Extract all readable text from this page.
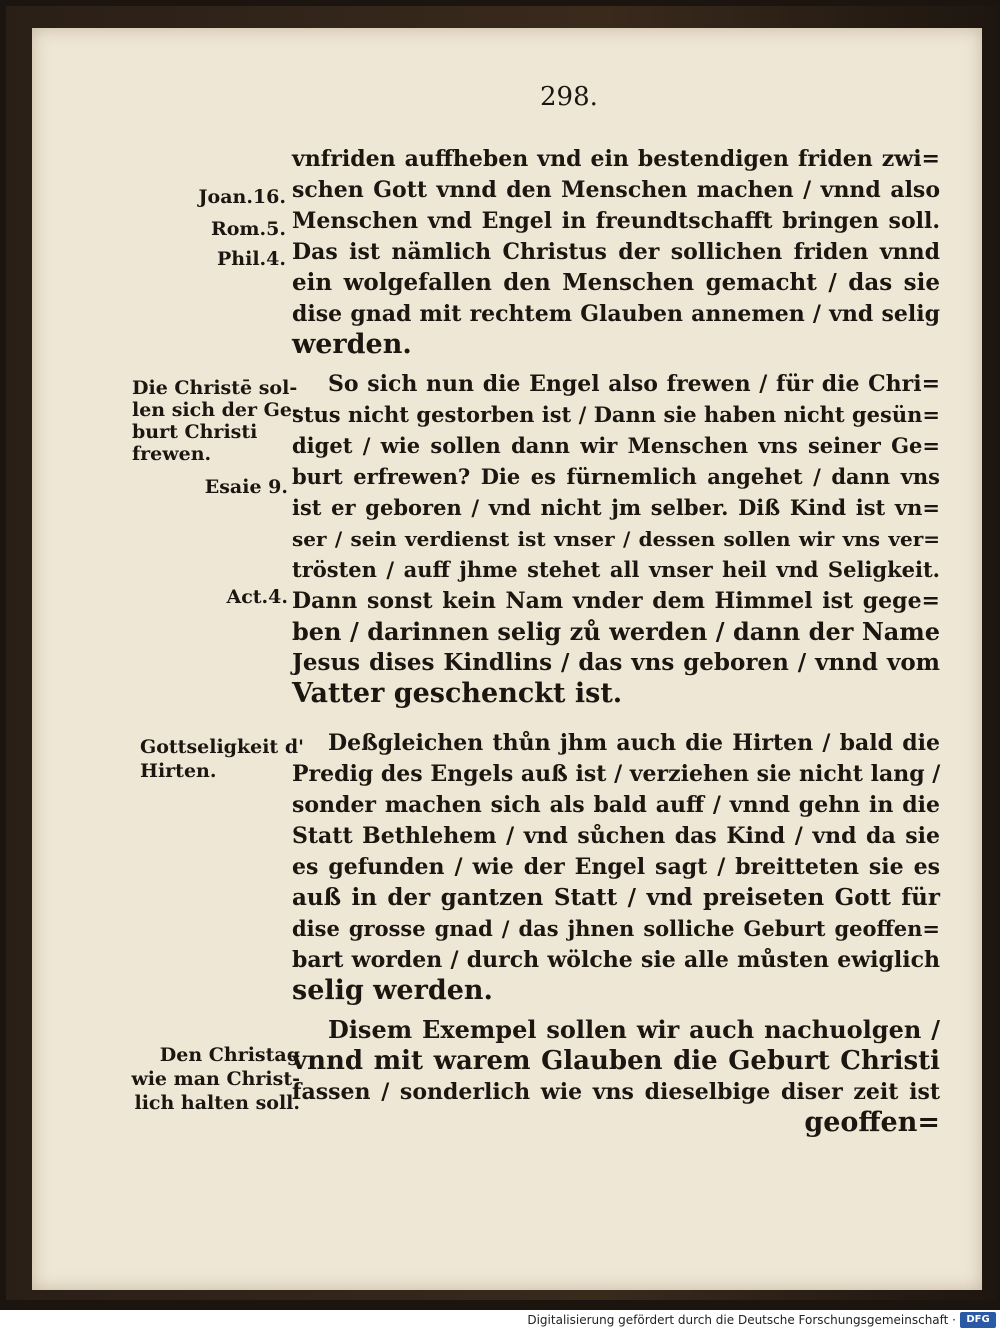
298.
Joan.16.
Rom.5.
Phil.4.
Die Christē sol-
len sich der Ge-
burt Christi
frewen.
Esaie 9.
Act.4.
Gottseligkeit d'
Hirten.
Den Christag
wie man Christ-
lich halten soll.
vnfriden auffheben vnd ein bestendigen friden zwi=
schen Gott vnnd den Menschen machen / vnnd also
Menschen vnd Engel in freundtschafft bringen soll.
Das ist nämlich Christus der sollichen friden vnnd
ein wolgefallen den Menschen gemacht / das sie
dise gnad mit rechtem Glauben annemen / vnd selig
werden.
So sich nun die Engel also frewen / für die Chri=
stus nicht gestorben ist / Dann sie haben nicht gesün=
diget / wie sollen dann wir Menschen vns seiner Ge=
burt erfrewen? Die es fürnemlich angehet / dann vns
ist er geboren / vnd nicht jm selber. Diß Kind ist vn=
ser / sein verdienst ist vnser / dessen sollen wir vns ver=
trösten / auff jhme stehet all vnser heil vnd Seligkeit.
Dann sonst kein Nam vnder dem Himmel ist gege=
ben / darinnen selig zů werden / dann der Name
Jesus dises Kindlins / das vns geboren / vnnd vom
Vatter geschenckt ist.
Deßgleichen thůn jhm auch die Hirten / bald die
Predig des Engels auß ist / verziehen sie nicht lang /
sonder machen sich als bald auff / vnnd gehn in die
Statt Bethlehem / vnd sůchen das Kind / vnd da sie
es gefunden / wie der Engel sagt / breitteten sie es
auß in der gantzen Statt / vnd preiseten Gott für
dise grosse gnad / das jhnen solliche Geburt geoffen=
bart worden / durch wölche sie alle můsten ewiglich
selig werden.
Disem Exempel sollen wir auch nachuolgen /
vnnd mit warem Glauben die Geburt Christi
fassen / sonderlich wie vns dieselbige diser zeit ist
geoffen=
Digitalisierung gefördert durch die Deutsche Forschungsgemeinschaft ·	DFG
